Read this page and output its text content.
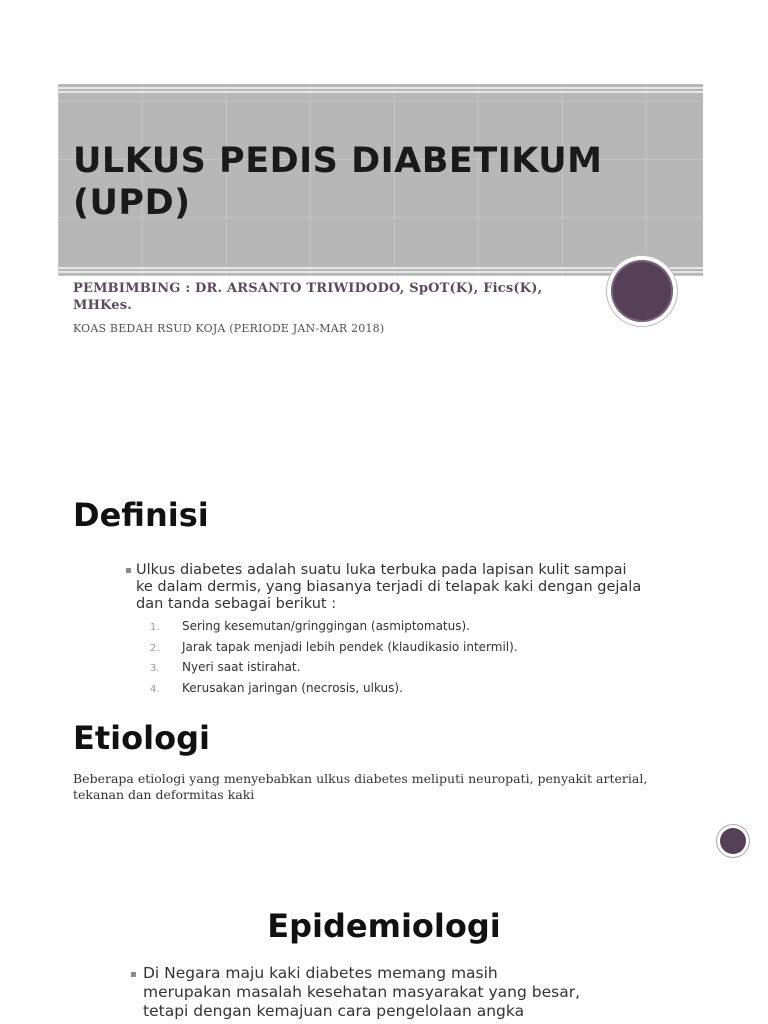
ULKUS PEDIS DIABETIKUM
(UPD)
PEMBIMBING : DR. ARSANTO TRIWIDODO, SpOT(K), Fics(K), MHKes.
KOAS BEDAH RSUD KOJA (PERIODE JAN-MAR 2018)
Definisi
▪ Ulkus diabetes adalah suatu luka terbuka pada lapisan kulit sampai ke dalam dermis, yang biasanya terjadi di telapak kaki dengan gejala dan tanda sebagai berikut :
1. Sering kesemutan/gringgingan (asmiptomatus).
2. Jarak tapak menjadi lebih pendek (klaudikasio intermil).
3. Nyeri saat istirahat.
4. Kerusakan jaringan (necrosis, ulkus).
Etiologi
Beberapa etiologi yang menyebabkan ulkus diabetes meliputi neuropati, penyakit arterial, tekanan dan deformitas kaki
Epidemiologi
▪ Di Negara maju kaki diabetes memang masih
merupakan masalah kesehatan masyarakat yang besar,
tetapi dengan kemajuan cara pengelolaan angka
